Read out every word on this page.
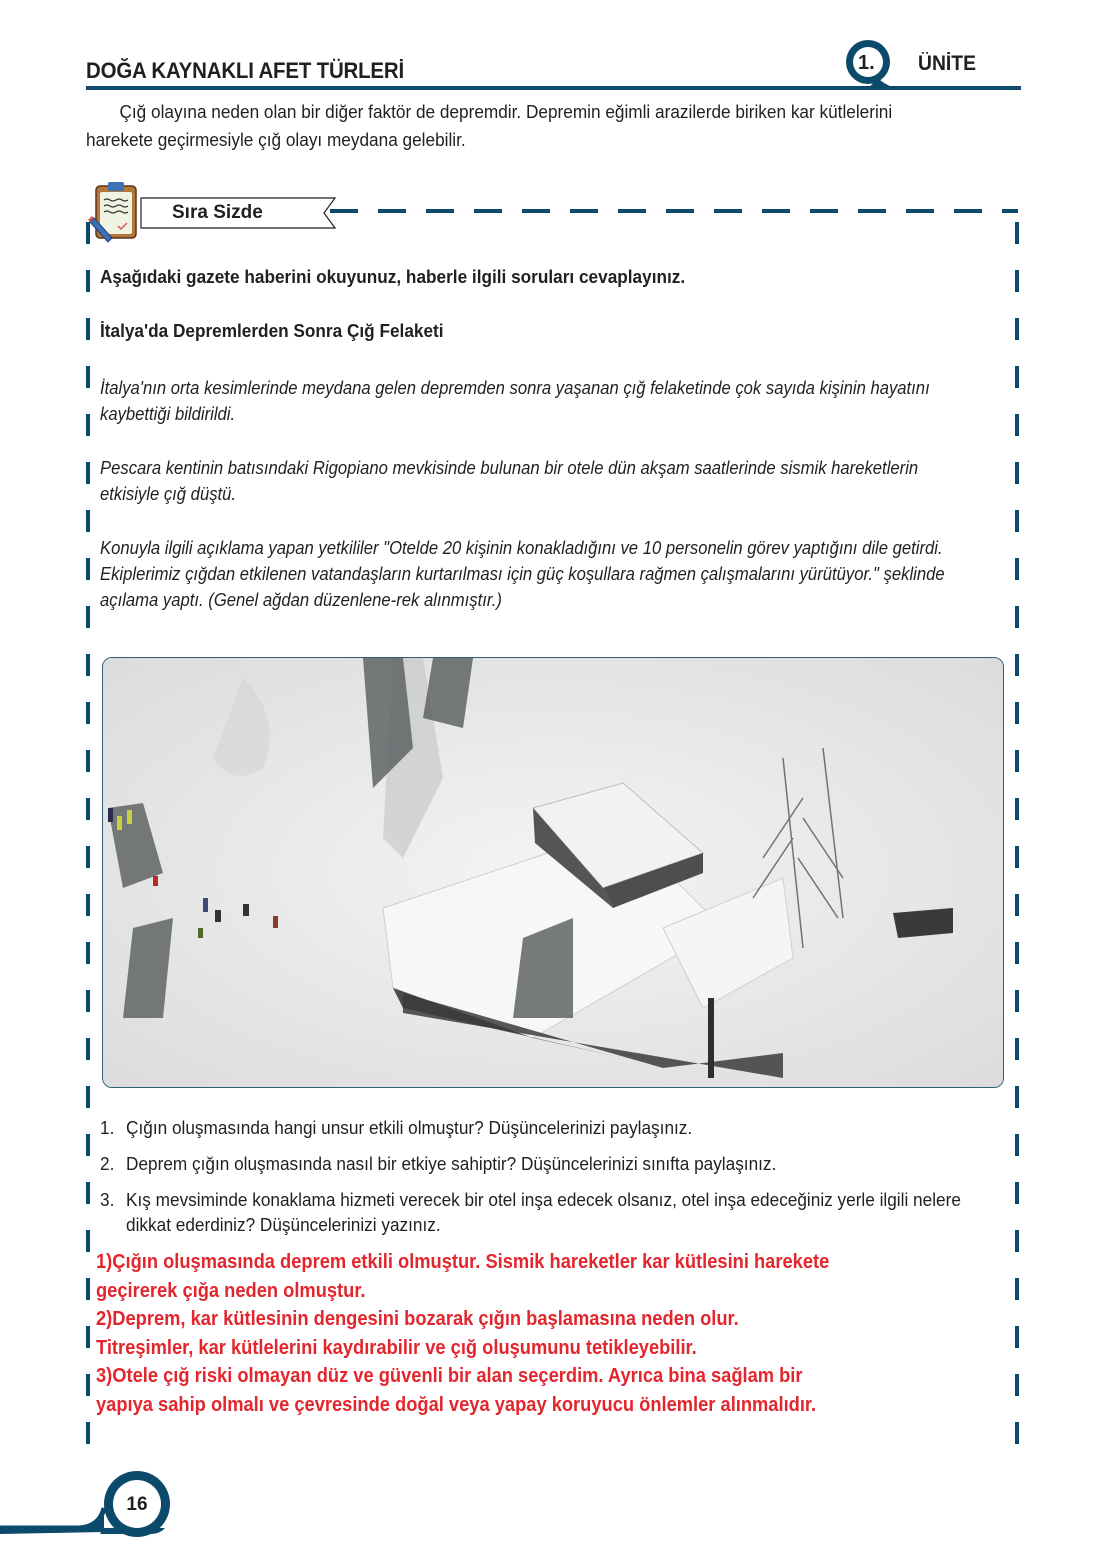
DOĞA KAYNAKLI AFET TÜRLERİ	1. ÜNİTE
Çığ olayına neden olan bir diğer faktör de depremdir. Depremin eğimli arazilerde biriken kar kütlelerini harekete geçirmesiyle çığ olayı meydana gelebilir.
Sıra Sizde
Aşağıdaki gazete haberini okuyunuz, haberle ilgili soruları cevaplayınız.
İtalya'da Depremlerden Sonra Çığ Felaketi
İtalya'nın orta kesimlerinde meydana gelen depremden sonra yaşanan çığ felaketinde çok sayıda kişinin hayatını kaybettiği bildirildi.
Pescara kentinin batısındaki Rigopiano mevkisinde bulunan bir otele dün akşam saatlerinde sismik hareketlerin etkisiyle çığ düştü.
Konuyla ilgili açıklama yapan yetkililer "Otelde 20 kişinin konakladığını ve 10 personelin görev yaptığını dile getirdi. Ekiplerimiz çığdan etkilenen vatandaşların kurtarılması için güç koşullara rağmen çalışmalarını yürütüyor." şeklinde açılama yaptı. (Genel ağdan düzenlene-rek alınmıştır.)
1. Çığın oluşmasında hangi unsur etkili olmuştur? Düşüncelerinizi paylaşınız.
2. Deprem çığın oluşmasında nasıl bir etkiye sahiptir? Düşüncelerinizi sınıfta paylaşınız.
3. Kış mevsiminde konaklama hizmeti verecek bir otel inşa edecek olsanız, otel inşa edeceğiniz yerle ilgili nelere dikkat ederdiniz? Düşüncelerinizi yazınız.
1)Çığın oluşmasında deprem etkili olmuştur. Sismik hareketler kar kütlesini harekete
geçirerek çığa neden olmuştur.
2)Deprem, kar kütlesinin dengesini bozarak çığın başlamasına neden olur.
Titreşimler, kar kütlelerini kaydırabilir ve çığ oluşumunu tetikleyebilir.
3)Otele çığ riski olmayan düz ve güvenli bir alan seçerdim. Ayrıca bina sağlam bir
yapıya sahip olmalı ve çevresinde doğal veya yapay koruyucu önlemler alınmalıdır.
16
